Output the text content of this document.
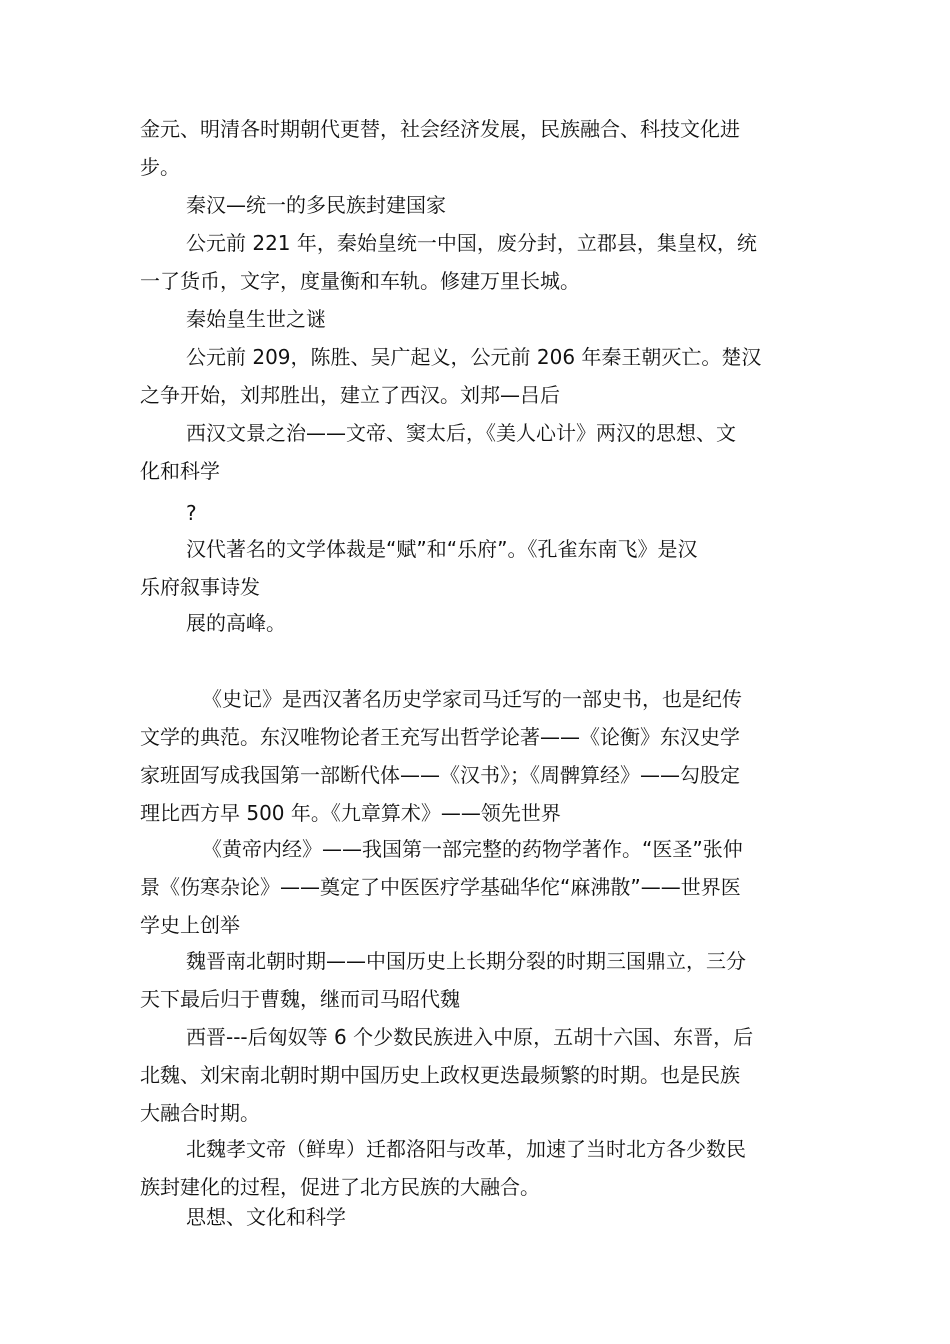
金元、明清各时期朝代更替，社会经济发展，民族融合、科技文化进
步。

秦汉—统一的多民族封建国家

公元前 221 年，秦始皇统一中国，废分封，立郡县，集皇权，统
一了货币，文字，度量衡和车轨。修建万里长城。

秦始皇生世之谜

公元前 209，陈胜、吴广起义，公元前 206 年秦王朝灭亡。楚汉
之争开始，刘邦胜出，建立了西汉。刘邦—吕后

西汉文景之治——文帝、窦太后，《美人心计》两汉的思想、文
化和科学

?

汉代著名的文学体裁是“赋”和“乐府”。《孔雀东南飞》是汉
乐府叙事诗发

展的高峰。

《史记》是西汉著名历史学家司马迁写的一部史书，也是纪传
文学的典范。东汉唯物论者王充写出哲学论著——《论衡》东汉史学
家班固写成我国第一部断代体——《汉书》；《周髀算经》——勾股定
理比西方早 500 年。《九章算术》——领先世界

《黄帝内经》——我国第一部完整的药物学著作。“医圣”张仲
景《伤寒杂论》——奠定了中医医疗学基础华佗“麻沸散”——世界医
学史上创举

魏晋南北朝时期——中国历史上长期分裂的时期三国鼎立，三分
天下最后归于曹魏，继而司马昭代魏

西晋---后匈奴等 6 个少数民族进入中原，五胡十六国、东晋，后
北魏、刘宋南北朝时期中国历史上政权更迭最频繁的时期。也是民族
大融合时期。

北魏孝文帝（鲜卑）迁都洛阳与改革，加速了当时北方各少数民
族封建化的过程，促进了北方民族的大融合。

思想、文化和科学
